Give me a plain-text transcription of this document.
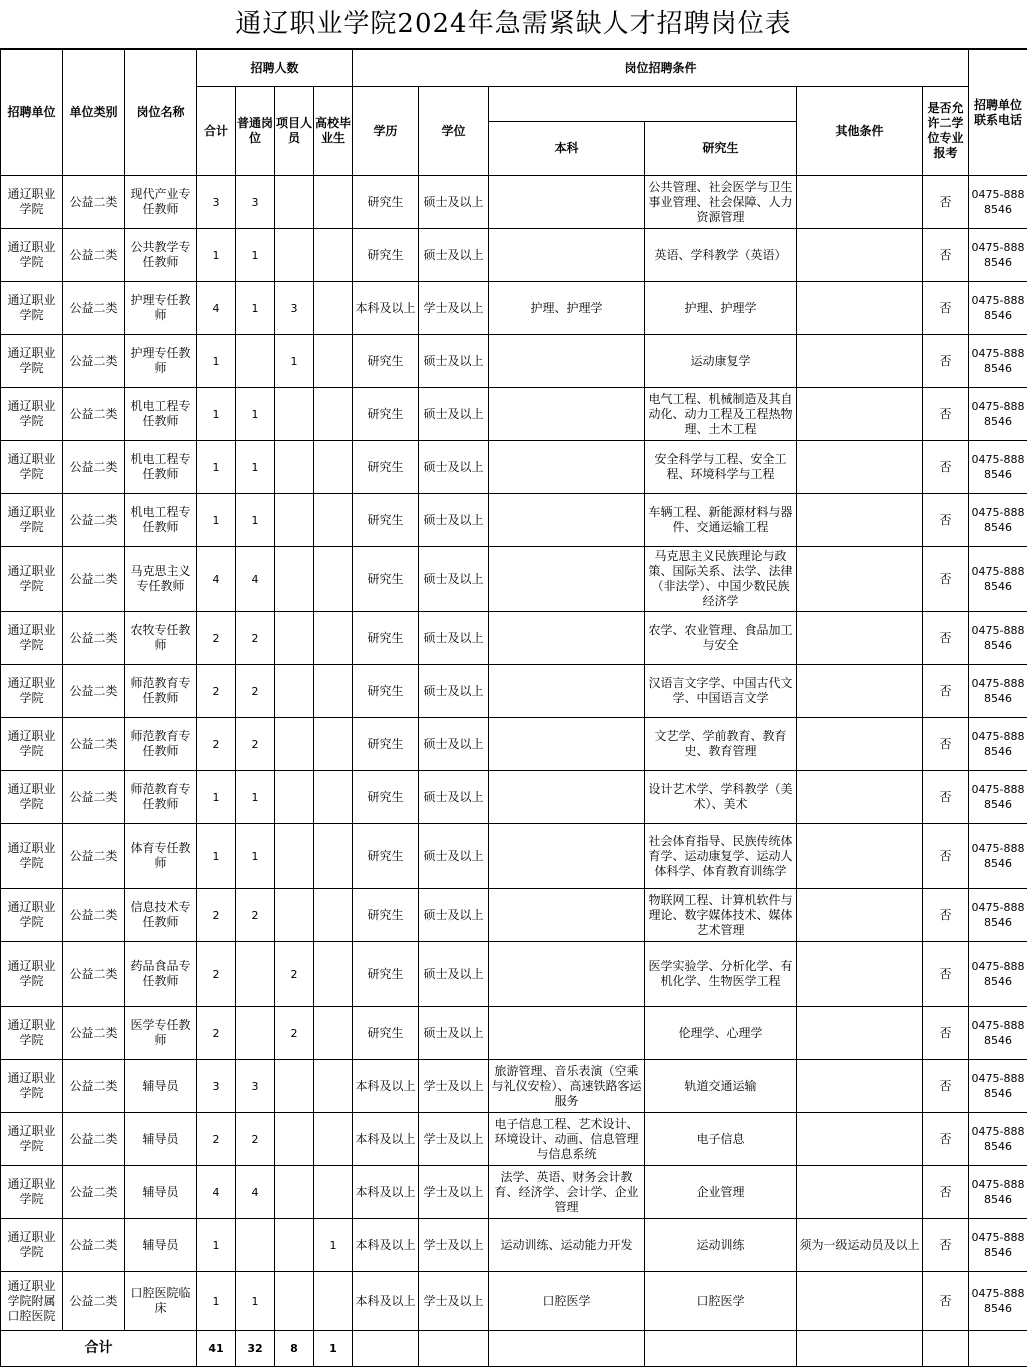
通辽职业学院2024年急需紧缺人才招聘岗位表
招聘单位	单位类别	岗位名称	招聘人数				岗位招聘条件						招聘单位联系电话
			合计	普通岗位	项目人员	高校毕业生	学历	学位			其他条件	是否允许二学位专业报考	
									本科	研究生			
通辽职业学院	公益二类	现代产业专任教师	3	3			研究生	硕士及以上		公共管理、社会医学与卫生事业管理、社会保障、人力资源管理		否	0475-8888546
通辽职业学院	公益二类	公共教学专任教师	1	1			研究生	硕士及以上		英语、学科教学（英语）		否	0475-8888546
通辽职业学院	公益二类	护理专任教师	4	1	3		本科及以上	学士及以上	护理、护理学	护理、护理学		否	0475-8888546
通辽职业学院	公益二类	护理专任教师	1		1		研究生	硕士及以上		运动康复学		否	0475-8888546
通辽职业学院	公益二类	机电工程专任教师	1	1			研究生	硕士及以上		电气工程、机械制造及其自动化、动力工程及工程热物理、土木工程		否	0475-8888546
通辽职业学院	公益二类	机电工程专任教师	1	1			研究生	硕士及以上		安全科学与工程、安全工程、环境科学与工程		否	0475-8888546
通辽职业学院	公益二类	机电工程专任教师	1	1			研究生	硕士及以上		车辆工程、新能源材料与器件、交通运输工程		否	0475-8888546
通辽职业学院	公益二类	马克思主义专任教师	4	4			研究生	硕士及以上		马克思主义民族理论与政策、国际关系、法学、法律（非法学）、中国少数民族经济学		否	0475-8888546
通辽职业学院	公益二类	农牧专任教师	2	2			研究生	硕士及以上		农学、农业管理、食品加工与安全		否	0475-8888546
通辽职业学院	公益二类	师范教育专任教师	2	2			研究生	硕士及以上		汉语言文字学、中国古代文学、中国语言文学		否	0475-8888546
通辽职业学院	公益二类	师范教育专任教师	2	2			研究生	硕士及以上		文艺学、学前教育、教育史、教育管理		否	0475-8888546
通辽职业学院	公益二类	师范教育专任教师	1	1			研究生	硕士及以上		设计艺术学、学科教学（美术）、美术		否	0475-8888546
通辽职业学院	公益二类	体育专任教师	1	1			研究生	硕士及以上		社会体育指导、民族传统体育学、运动康复学、运动人体科学、体育教育训练学		否	0475-8888546
通辽职业学院	公益二类	信息技术专任教师	2	2			研究生	硕士及以上		物联网工程、计算机软件与理论、数字媒体技术、媒体艺术管理		否	0475-8888546
通辽职业学院	公益二类	药品食品专任教师	2		2		研究生	硕士及以上		医学实验学、分析化学、有机化学、生物医学工程		否	0475-8888546
通辽职业学院	公益二类	医学专任教师	2		2		研究生	硕士及以上		伦理学、心理学		否	0475-8888546
通辽职业学院	公益二类	辅导员	3	3			本科及以上	学士及以上	旅游管理、音乐表演（空乘与礼仪安检）、高速铁路客运服务	轨道交通运输		否	0475-8888546
通辽职业学院	公益二类	辅导员	2	2			本科及以上	学士及以上	电子信息工程、艺术设计、环境设计、动画、信息管理与信息系统	电子信息		否	0475-8888546
通辽职业学院	公益二类	辅导员	4	4			本科及以上	学士及以上	法学、英语、财务会计教育、经济学、会计学、企业管理	企业管理		否	0475-8888546
通辽职业学院	公益二类	辅导员	1			1	本科及以上	学士及以上	运动训练、运动能力开发	运动训练	须为一级运动员及以上	否	0475-8888546
通辽职业学院附属口腔医院	公益二类	口腔医院临床	1	1			本科及以上	学士及以上	口腔医学	口腔医学		否	0475-8888546
合计			41	32	8	1							
